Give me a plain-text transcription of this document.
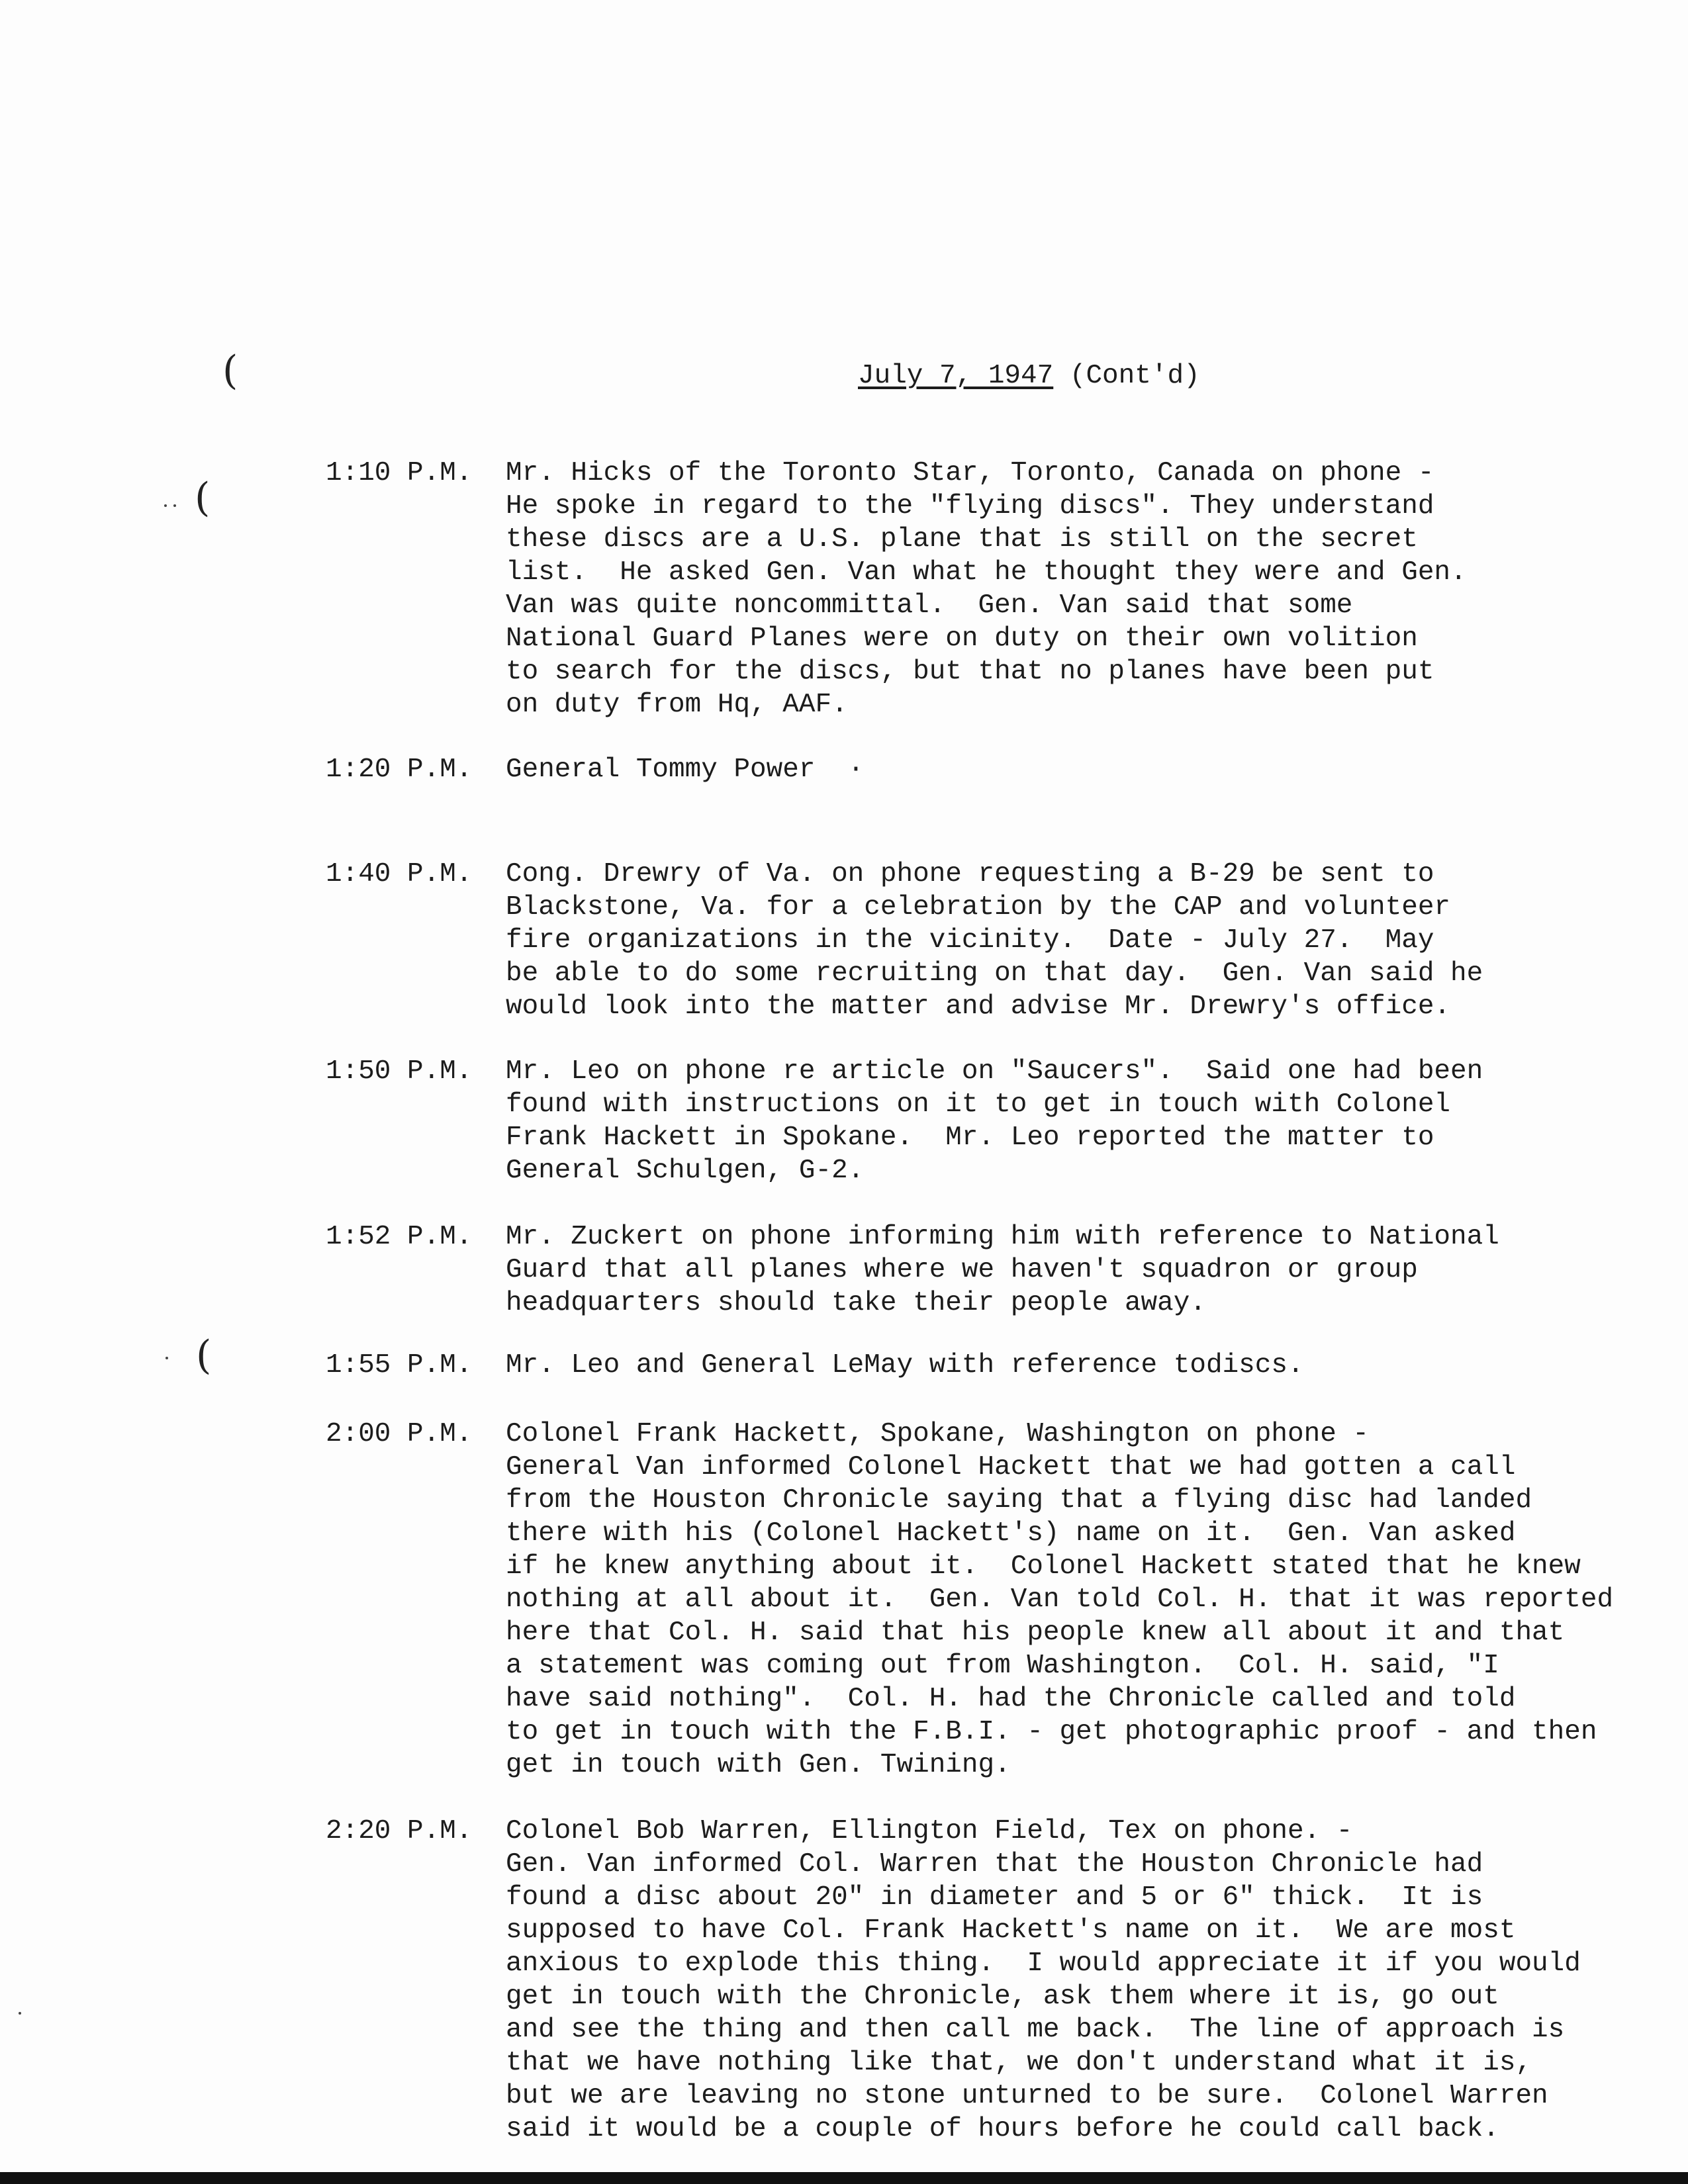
(
(
(
July 7, 1947 (Cont'd)
1:10 P.M.	Mr. Hicks of the Toronto Star, Toronto, Canada on phone -
He spoke in regard to the "flying discs". They understand
these discs are a U.S. plane that is still on the secret
list.  He asked Gen. Van what he thought they were and Gen.
Van was quite noncommittal.  Gen. Van said that some
National Guard Planes were on duty on their own volition
to search for the discs, but that no planes have been put
on duty from Hq, AAF.
1:20 P.M.	General Tommy Power  ·
1:40 P.M.	Cong. Drewry of Va. on phone requesting a B-29 be sent to
Blackstone, Va. for a celebration by the CAP and volunteer
fire organizations in the vicinity.  Date - July 27.  May
be able to do some recruiting on that day.  Gen. Van said he
would look into the matter and advise Mr. Drewry's office.
1:50 P.M.	Mr. Leo on phone re article on "Saucers".  Said one had been
found with instructions on it to get in touch with Colonel
Frank Hackett in Spokane.  Mr. Leo reported the matter to
General Schulgen, G-2.
1:52 P.M.	Mr. Zuckert on phone informing him with reference to National
Guard that all planes where we haven't squadron or group
headquarters should take their people away.
1:55 P.M.	Mr. Leo and General LeMay with reference todiscs.
2:00 P.M.	Colonel Frank Hackett, Spokane, Washington on phone -
General Van informed Colonel Hackett that we had gotten a call
from the Houston Chronicle saying that a flying disc had landed
there with his (Colonel Hackett's) name on it.  Gen. Van asked
if he knew anything about it.  Colonel Hackett stated that he knew
nothing at all about it.  Gen. Van told Col. H. that it was reported
here that Col. H. said that his people knew all about it and that
a statement was coming out from Washington.  Col. H. said, "I
have said nothing".  Col. H. had the Chronicle called and told
to get in touch with the F.B.I. - get photographic proof - and then
get in touch with Gen. Twining.
2:20 P.M.	Colonel Bob Warren, Ellington Field, Tex on phone. -
Gen. Van informed Col. Warren that the Houston Chronicle had
found a disc about 20" in diameter and 5 or 6" thick.  It is
supposed to have Col. Frank Hackett's name on it.  We are most
anxious to explode this thing.  I would appreciate it if you would
get in touch with the Chronicle, ask them where it is, go out
and see the thing and then call me back.  The line of approach is
that we have nothing like that, we don't understand what it is,
but we are leaving no stone unturned to be sure.  Colonel Warren
said it would be a couple of hours before he could call back.
